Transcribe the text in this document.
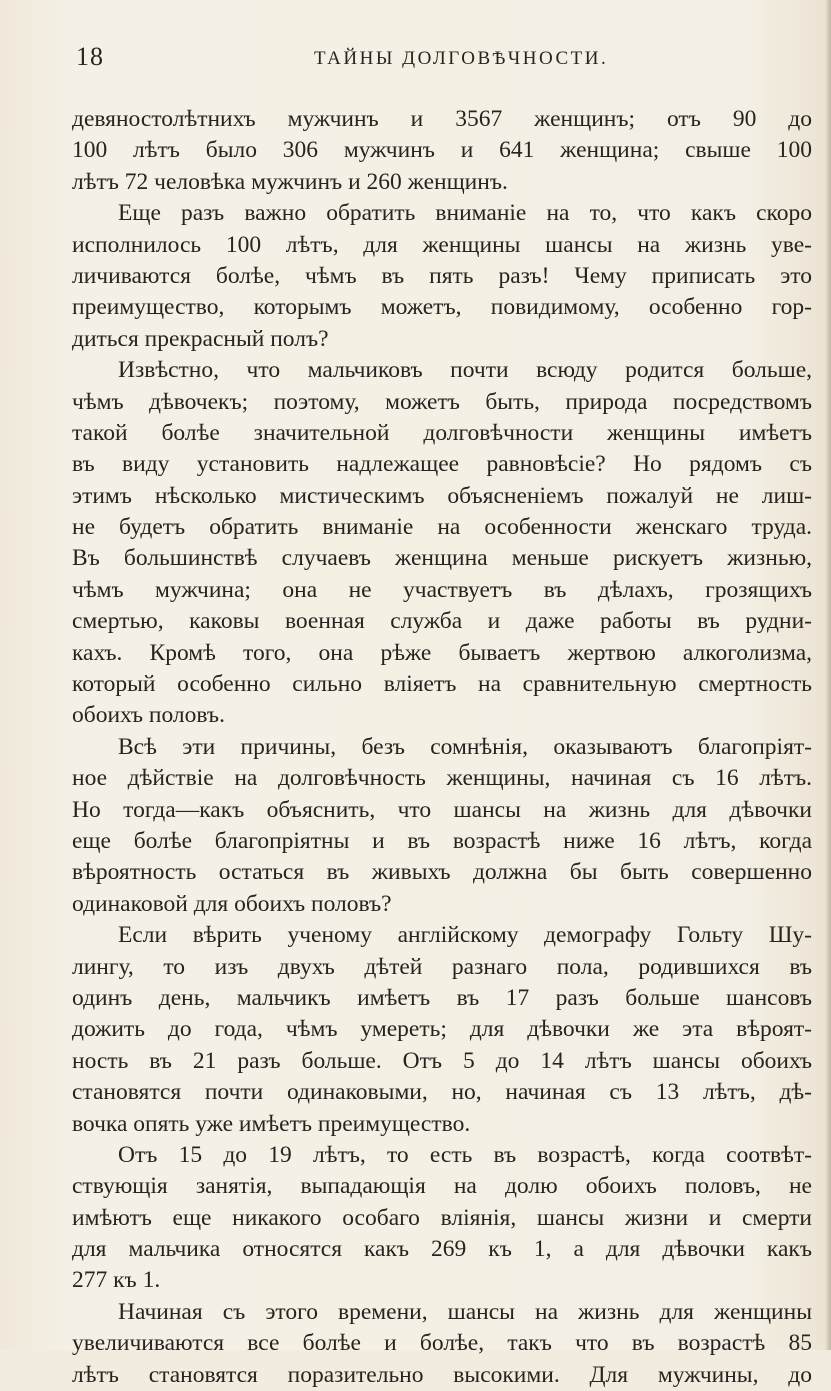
18	ТАЙНЫ ДОЛГОВѢЧНОСТИ.
девяностолѣтнихъ мужчинъ и 3567 женщинъ; отъ 90 до
100 лѣтъ было 306 мужчинъ и 641 женщина; свыше 100
лѣтъ 72 человѣка мужчинъ и 260 женщинъ.
Еще разъ важно обратить вниманіе на то, что какъ скоро
исполнилось 100 лѣтъ, для женщины шансы на жизнь уве-
личиваются болѣе, чѣмъ въ пять разъ! Чему приписать это
преимущество, которымъ можетъ, повидимому, особенно гор-
диться прекрасный полъ?
Извѣстно, что мальчиковъ почти всюду родится больше,
чѣмъ дѣвочекъ; поэтому, можетъ быть, природа посредствомъ
такой болѣе значительной долговѣчности женщины имѣетъ
въ виду установить надлежащее равновѣсіе? Но рядомъ съ
этимъ нѣсколько мистическимъ объясненіемъ пожалуй не лиш-
не будетъ обратить вниманіе на особенности женскаго труда.
Въ большинствѣ случаевъ женщина меньше рискуетъ жизнью,
чѣмъ мужчина; она не участвуетъ въ дѣлахъ, грозящихъ
смертью, каковы военная служба и даже работы въ рудни-
кахъ. Кромѣ того, она рѣже бываетъ жертвою алкоголизма,
который особенно сильно вліяетъ на сравнительную смертность
обоихъ половъ.
Всѣ эти причины, безъ сомнѣнія, оказываютъ благопріят-
ное дѣйствіе на долговѣчность женщины, начиная съ 16 лѣтъ.
Но тогда—какъ объяснить, что шансы на жизнь для дѣвочки
еще болѣе благопріятны и въ возрастѣ ниже 16 лѣтъ, когда
вѣроятность остаться въ живыхъ должна бы быть совершенно
одинаковой для обоихъ половъ?
Если вѣрить ученому англійскому демографу Гольту Шу-
лингу, то изъ двухъ дѣтей разнаго пола, родившихся въ
одинъ день, мальчикъ имѣетъ въ 17 разъ больше шансовъ
дожить до года, чѣмъ умереть; для дѣвочки же эта вѣроят-
ность въ 21 разъ больше. Отъ 5 до 14 лѣтъ шансы обоихъ
становятся почти одинаковыми, но, начиная съ 13 лѣтъ, дѣ-
вочка опять уже имѣетъ преимущество.
Отъ 15 до 19 лѣтъ, то есть въ возрастѣ, когда соотвѣт-
ствующія занятія, выпадающія на долю обоихъ половъ, не
имѣютъ еще никакого особаго вліянія, шансы жизни и смерти
для мальчика относятся какъ 269 къ 1, а для дѣвочки какъ
277 къ 1.
Начиная съ этого времени, шансы на жизнь для женщины
увеличиваются все болѣе и болѣе, такъ что въ возрастѣ 85
лѣтъ становятся поразительно высокими. Для мужчины, до
